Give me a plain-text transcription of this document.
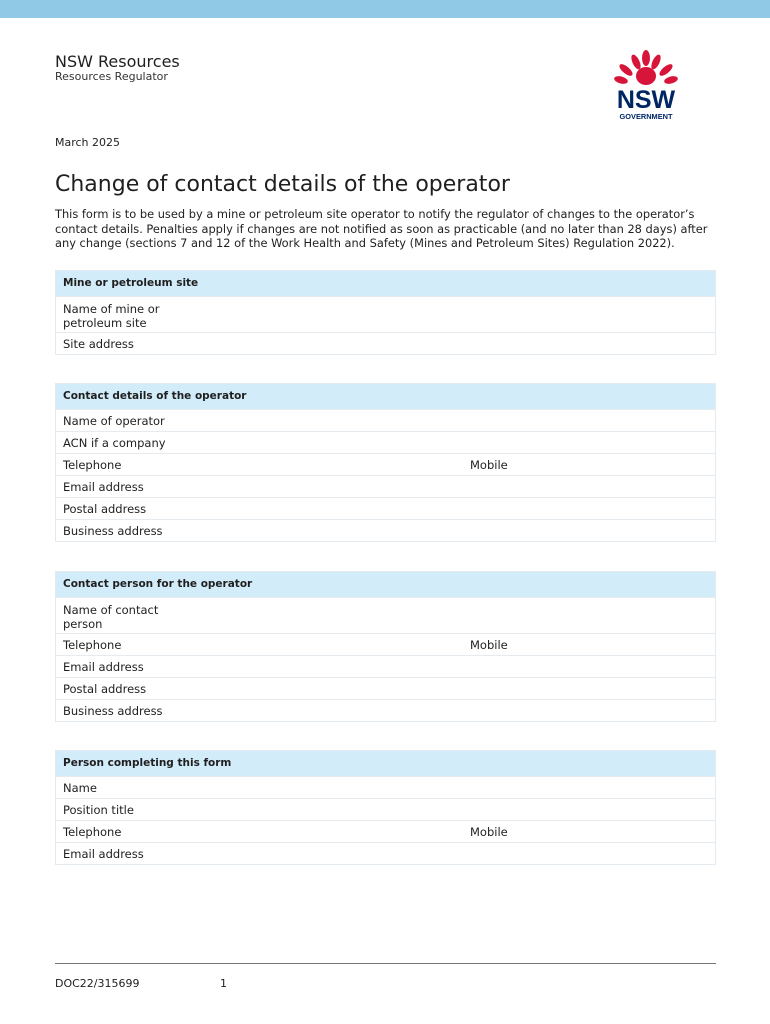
NSW Resources
Resources Regulator
NSW
GOVERNMENT
March 2025
Change of contact details of the operator

This form is to be used by a mine or petroleum site operator to notify the regulator of changes to the operator’s contact details. Penalties apply if changes are not notified as soon as practicable (and no later than 28 days) after any change (sections 7 and 12 of the Work Health and Safety (Mines and Petroleum Sites) Regulation 2022).

Mine or petroleum site
Name of mine or
petroleum site
Site address
Contact details of the operator
Name of operator
ACN if a company
Telephone	Mobile
Email address
Postal address
Business address
Contact person for the operator
Name of contact
person
Telephone	Mobile
Email address
Postal address
Business address
Person completing this form
Name
Position title
Telephone	Mobile
Email address
DOC22/315699	1
